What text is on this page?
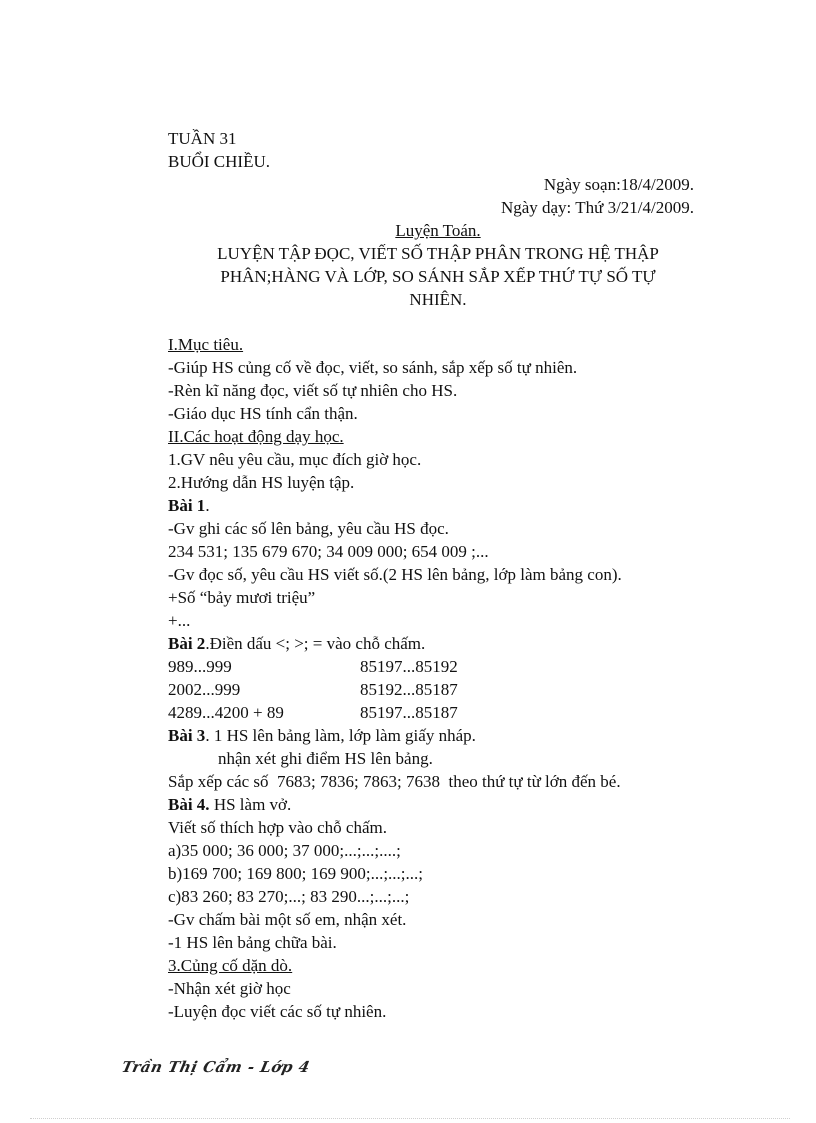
TUẦN 31
BUỔI CHIỀU.
Ngày soạn:18/4/2009.
Ngày dạy: Thứ 3/21/4/2009.
Luyện Toán.
LUYỆN TẬP ĐỌC, VIẾT SỐ THẬP PHÂN TRONG HỆ THẬP
PHÂN;HÀNG VÀ LỚP, SO SÁNH SẮP XẾP THỨ TỰ SỐ TỰ
NHIÊN.
I.Mục tiêu.
-Giúp HS củng cố về đọc, viết, so sánh, sắp xếp số tự nhiên.
-Rèn kĩ năng đọc, viết số tự nhiên cho HS.
-Giáo dục HS tính cẩn thận.
II.Các hoạt động dạy học.
1.GV nêu yêu cầu, mục đích giờ học.
2.Hướng dẫn HS luyện tập.
Bài 1.
-Gv ghi các số lên bảng, yêu cầu HS đọc.
234 531; 135 679 670; 34 009 000; 654 009 ;...
-Gv đọc số, yêu cầu HS viết số.(2 HS lên bảng, lớp làm bảng con).
+Số “bảy mươi triệu”
+...
Bài 2.Điền dấu <; >; = vào chỗ chấm.
989...999	85197...85192
2002...999	85192...85187
4289...4200 + 89	85197...85187
Bài 3. 1 HS lên bảng làm, lớp làm giấy nháp.
nhận xét ghi điểm HS lên bảng.
Sắp xếp các số  7683; 7836; 7863; 7638  theo thứ tự từ lớn đến bé.
Bài 4. HS làm vở.
Viết số thích hợp vào chỗ chấm.
a)35 000; 36 000; 37 000;...;...;....;
b)169 700; 169 800; 169 900;...;...;...;
c)83 260; 83 270;...; 83 290...;...;...;
-Gv chấm bài một số em, nhận xét.
-1 HS lên bảng chữa bài.
3.Củng cố dặn dò.
-Nhận xét giờ học
-Luyện đọc viết các số tự nhiên.
Trần Thị Cẩm - Lớp 4
